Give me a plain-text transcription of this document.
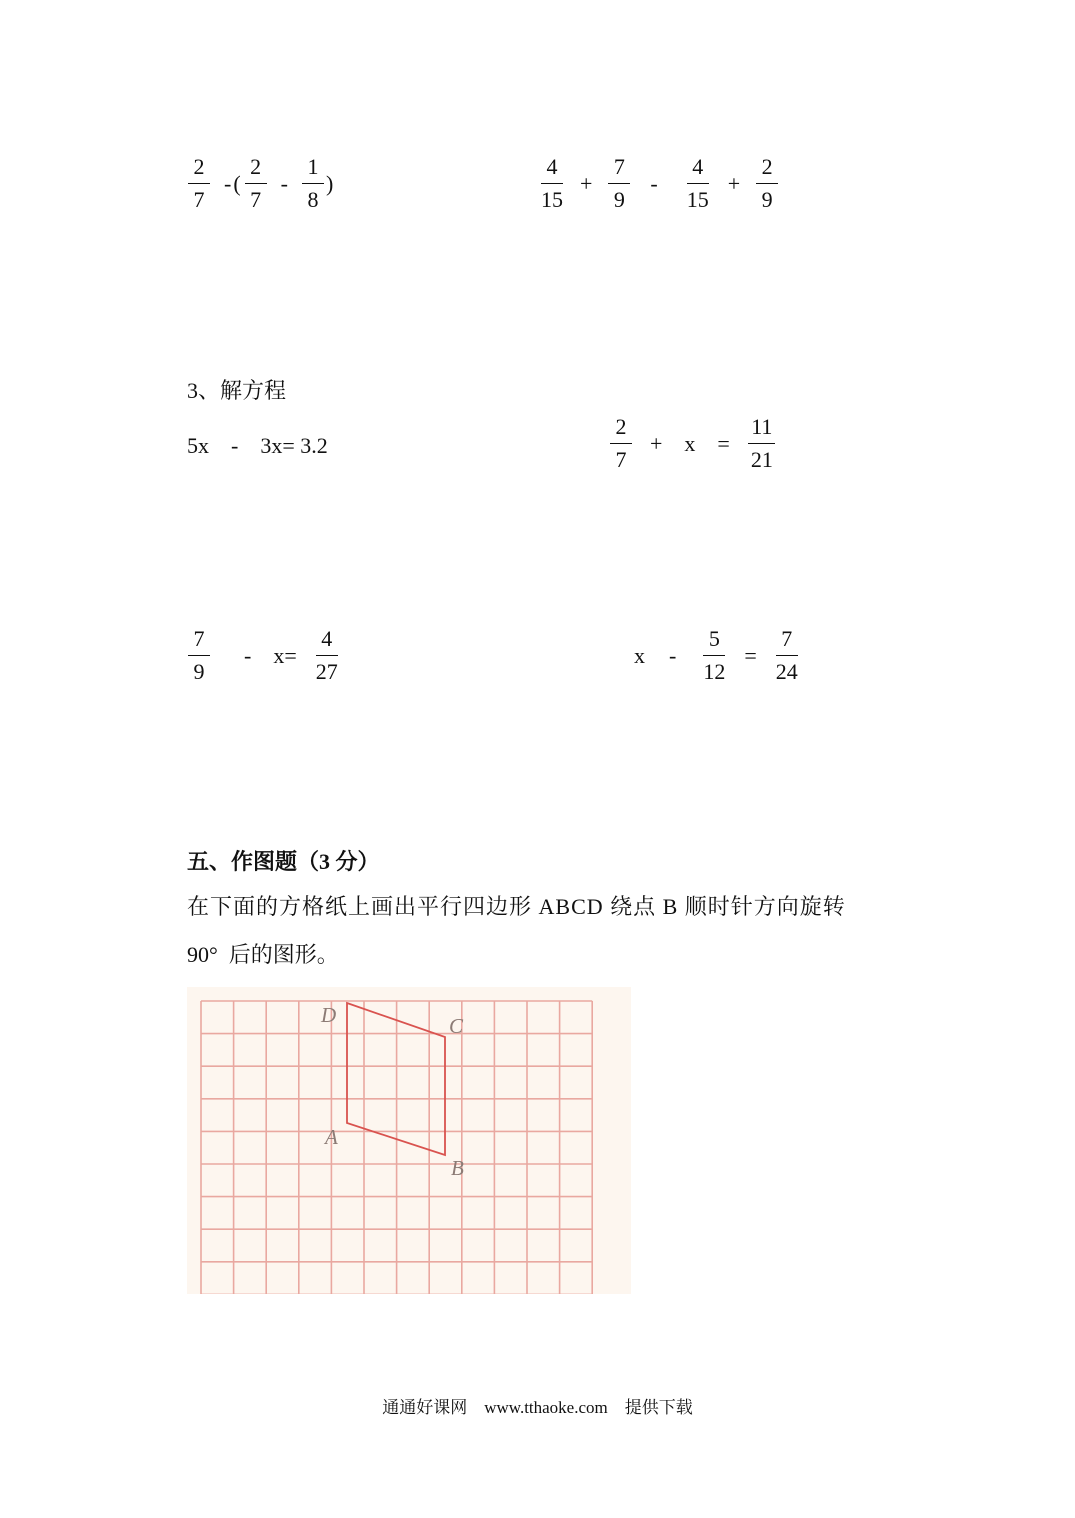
$\frac{2}{7}$ - ( $\frac{2}{7} - \frac{1}{8}$ )	$\frac{4}{15} + \frac{7}{9} - \frac{4}{15} + \frac{2}{9}$
3、解方程
5x　-　3x= 3.2	$\frac{2}{7} + x = \frac{11}{21}$
$\frac{7}{9} - x= \frac{4}{27}$	$x - \frac{5}{12} = \frac{7}{24}$
五、作图题（3 分）
在下面的方格纸上画出平行四边形 ABCD 绕点 B 顺时针方向旋转
90°  后的图形。
D	C
A
B
通通好课网　www.tthaoke.com　提供下载
